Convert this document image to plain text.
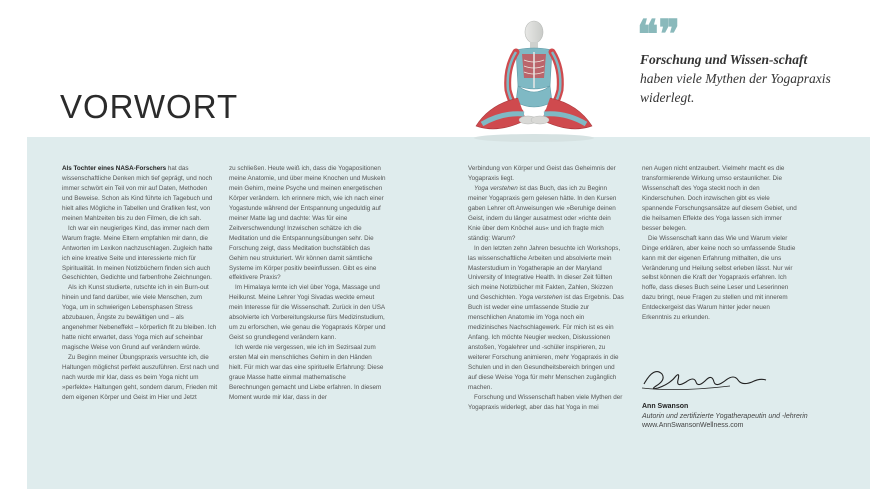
VORWORT
❝❞
Forschung und Wissen-schaft haben viele Mythen der Yogapraxis widerlegt.

Als Tochter eines NASA-Forschers hat das wissenschaftliche Denken mich tief geprägt, und noch immer schwört ein Teil von mir auf Daten, Methoden und Beweise. Schon als Kind führte ich Tagebuch und hielt alles Mögliche in Tabellen und Grafiken fest, von meinen Mahlzeiten bis zu den Filmen, die ich sah.

Ich war ein neugieriges Kind, das immer nach dem Warum fragte. Meine Eltern empfahlen mir dann, die Antworten im Lexikon nachzuschlagen. Zugleich hatte ich eine kreative Seite und interessierte mich für Spiritualität. In meinen Notizbüchern finden sich auch Geschichten, Gedichte und farbenfrohe Zeichnungen.

Als ich Kunst studierte, rutschte ich in ein Burn-out hinein und fand darüber, wie viele Menschen, zum Yoga, um in schwierigen Lebensphasen Stress abzubauen, Ängste zu bewältigen und – als angenehmer Nebeneffekt – körperlich fit zu bleiben. Ich hatte nicht erwartet, dass Yoga mich auf scheinbar magische Weise von Grund auf verändern würde.

Zu Beginn meiner Übungspraxis versuchte ich, die Haltungen möglichst perfekt auszuführen. Erst nach und nach wurde mir klar, dass es beim Yoga nicht um »perfekte« Haltungen geht, sondern darum, Frieden mit dem eigenen Körper und Geist im Hier und Jetzt

zu schließen. Heute weiß ich, dass die Yogapositionen meine Anatomie, und über meine Knochen und Muskeln mein Gehirn, meine Psyche und meinen energetischen Körper verändern. Ich erinnere mich, wie ich nach einer Yogastunde während der Entspannung ungeduldig auf meiner Matte lag und dachte: Was für eine Zeitverschwendung! Inzwischen schätze ich die Meditation und die Entspannungsübungen sehr. Die Forschung zeigt, dass Meditation buchstäblich das Gehirn neu strukturiert. Wir können damit sämtliche Systeme im Körper positiv beeinflussen. Gibt es eine effektivere Praxis?

Im Himalaya lernte ich viel über Yoga, Massage und Heilkunst. Meine Lehrer Yogi Sivadas weckte erneut mein Interesse für die Wissenschaft. Zurück in den USA absolvierte ich Vorbereitungskurse fürs Medizinstudium, um zu erforschen, wie genau die Yogapraxis Körper und Geist so grundlegend verändern kann.

Ich werde nie vergessen, wie ich im Sezirsaal zum ersten Mal ein menschliches Gehirn in den Händen hielt. Für mich war das eine spirituelle Erfahrung: Diese graue Masse hatte einmal mathematische Berechnungen gemacht und Liebe erfahren. In diesem Moment wurde mir klar, dass in der

Verbindung von Körper und Geist das Geheimnis der Yogapraxis liegt.

Yoga verstehen ist das Buch, das ich zu Beginn meiner Yogapraxis gern gelesen hätte. In den Kursen gaben Lehrer oft Anweisungen wie »Beruhige deinen Geist, indem du länger ausatmest oder »richte dein Knie über dem Knöchel aus« und ich fragte mich ständig: Warum?

In den letzten zehn Jahren besuchte ich Workshops, las wissenschaftliche Arbeiten und absolvierte mein Masterstudium in Yogatherapie an der Maryland University of Integrative Health. In dieser Zeit füllten sich meine Notizbücher mit Fakten, Zahlen, Skizzen und Geschichten. Yoga verstehen ist das Ergebnis. Das Buch ist weder eine umfassende Studie zur menschlichen Anatomie im Yoga noch ein medizinisches Nachschlagewerk. Für mich ist es ein Anfang. Ich möchte Neugier wecken, Diskussionen anstoßen, Yogalehrer und -schüler inspirieren, zu weiterer Forschung animieren, mehr Yogapraxis in die Schulen und in den Gesundheitsbereich bringen und auf diese Weise Yoga für mehr Menschen zugänglich machen.

Forschung und Wissenschaft haben viele Mythen der Yogapraxis widerlegt, aber das hat Yoga in mei

nen Augen nicht entzaubert. Vielmehr macht es die transformierende Wirkung umso erstaunlicher. Die Wissenschaft des Yoga steckt noch in den Kinderschuhen. Doch inzwischen gibt es viele spannende Forschungsansätze auf diesem Gebiet, und die heilsamen Effekte des Yoga lassen sich immer besser belegen.

Die Wissenschaft kann das Wie und Warum vieler Dinge erklären, aber keine noch so umfassende Studie kann mit der eigenen Erfahrung mithalten, die uns Veränderung und Heilung selbst erleben lässt. Nur wir selbst können die Kraft der Yogapraxis erfahren. Ich hoffe, dass dieses Buch seine Leser und Leserinnen dazu bringt, neue Fragen zu stellen und mit innerem Entdeckergeist das Warum hinter jeder neuen Erkenntnis zu erkunden.

Ann Swanson
Autorin und zertifizierte Yogatherapeutin und -lehrerin
www.AnnSwansonWellness.com
